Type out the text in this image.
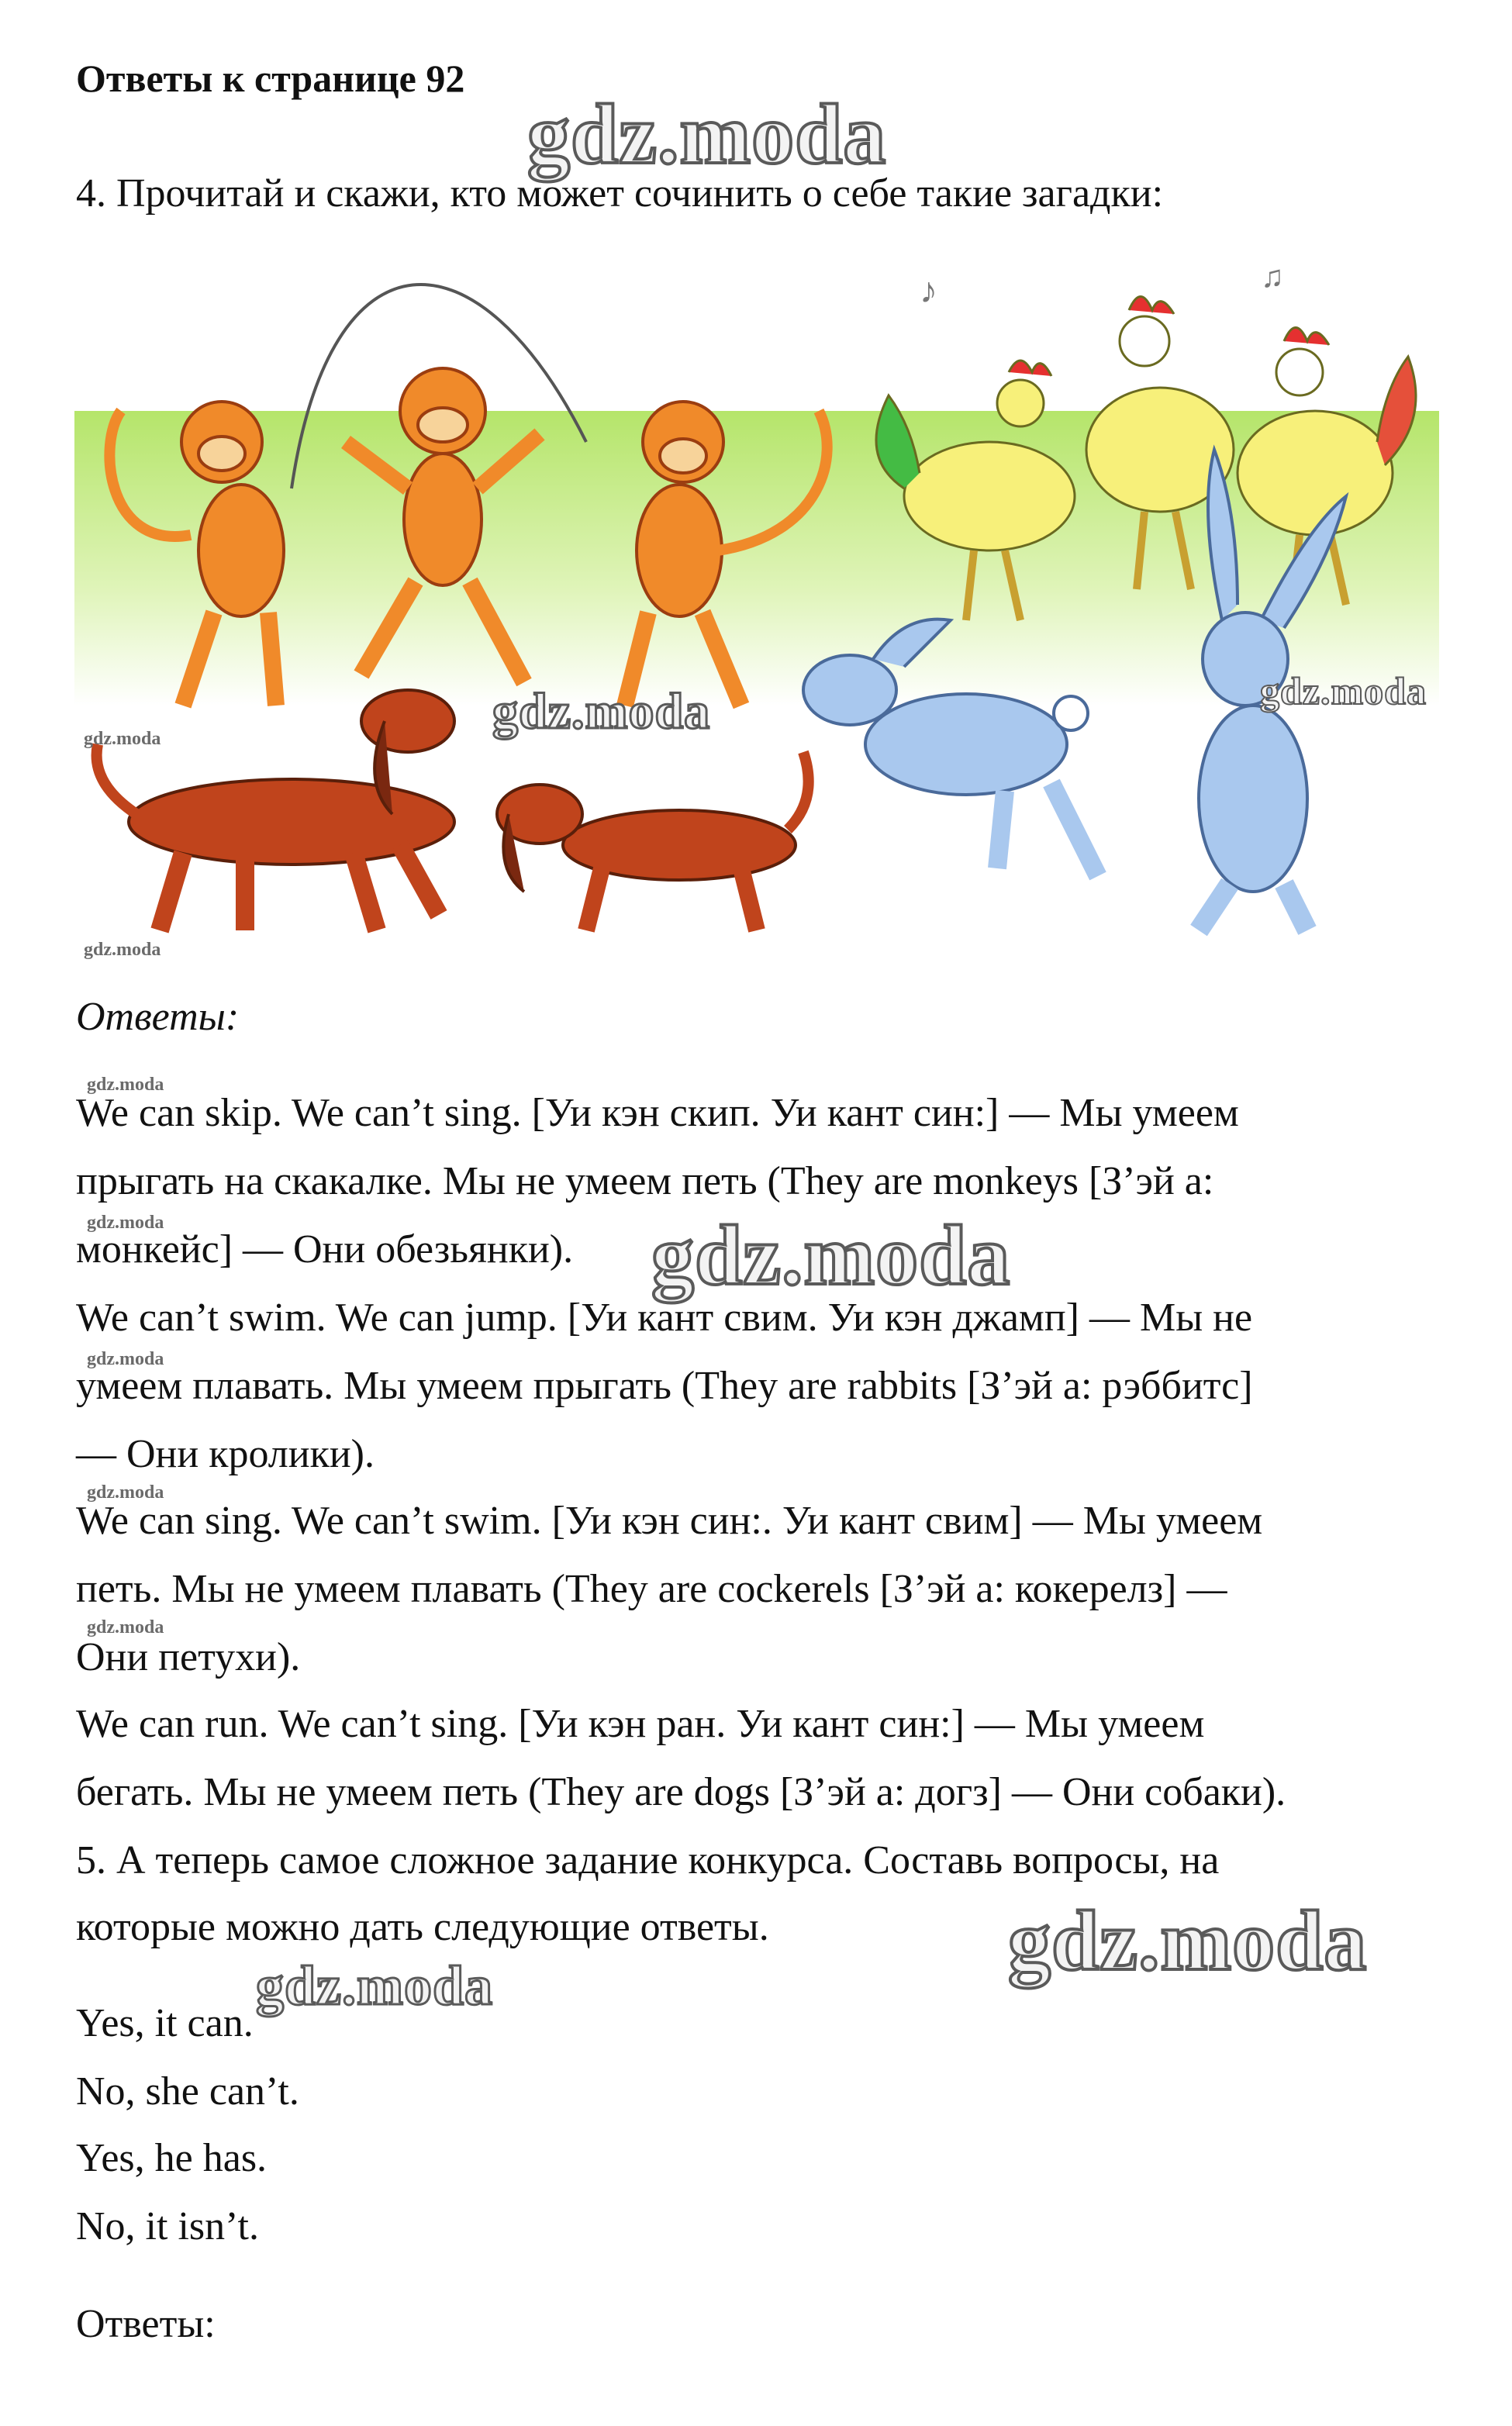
Ответы к странице 92
gdz.moda
4. Прочитай и скажи, кто может сочинить о себе такие загадки:
♪	♫
gdz.moda	gdz.moda
gdz.moda
gdz.moda
Ответы:
gdz.moda
We can skip. We can’t sing. [Уи кэн скип. Уи кант син:] — Мы умеем
прыгать на скакалке. Мы не умеем петь (They are monkeys [З’эй а:
gdz.moda
монкейс] — Они обезьянки). gdz.moda
We can’t swim. We can jump. [Уи кант свим. Уи кэн джамп] — Мы не
gdz.moda
умеем плавать. Мы умеем прыгать (They are rabbits [З’эй а: рэббитс]
— Они кролики).
gdz.moda
We can sing. We can’t swim. [Уи кэн син:. Уи кант свим] — Мы умеем
петь. Мы не умеем плавать (They are cockerels [З’эй а: кокерелз] —
gdz.moda
Они петухи).
We can run. We can’t sing. [Уи кэн ран. Уи кант син:] — Мы умеем
бегать. Мы не умеем петь (They are dogs [З’эй а: догз] — Они собаки).
5. А теперь самое сложное задание конкурса. Составь вопросы, на
которые можно дать следующие ответы.	gdz.moda
gdz.moda
Yes, it can.
No, she can’t.
Yes, he has.
No, it isn’t.
Ответы:
